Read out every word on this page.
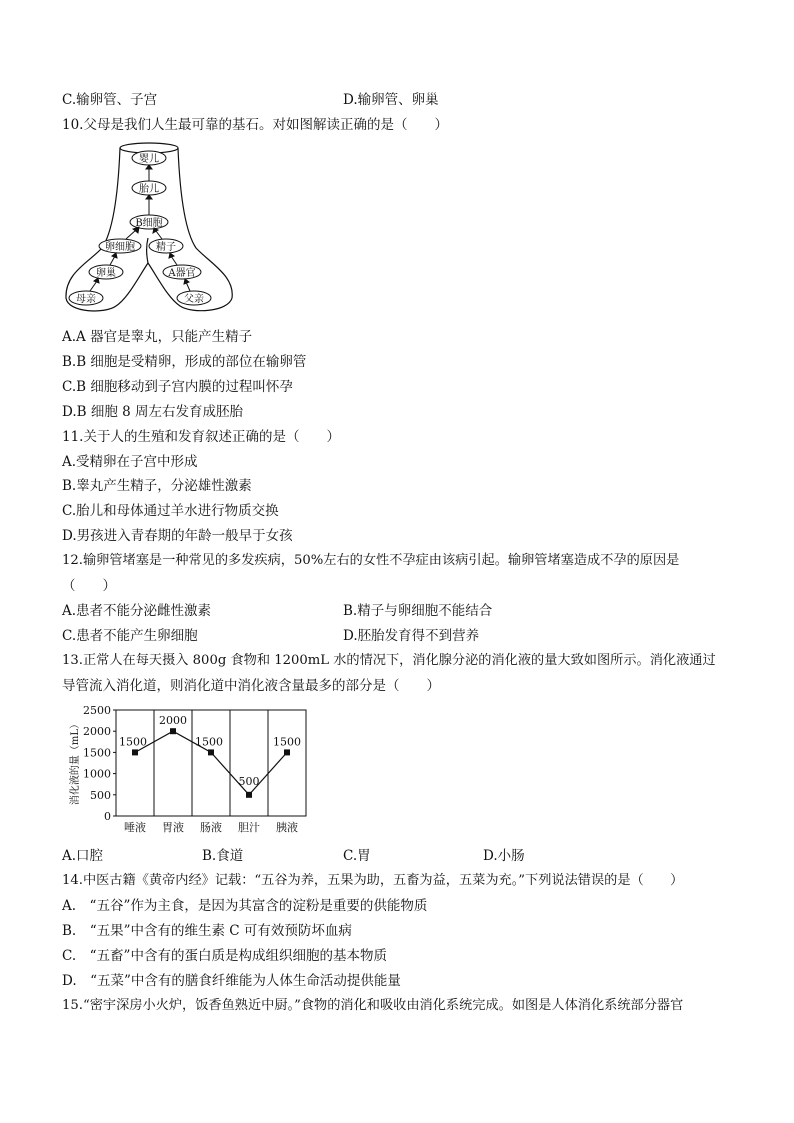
C.输卵管、子宫	D.输卵管、卵巢
10.父母是我们人生最可靠的基石。对如图解读正确的是（　　）
婴儿
胎儿
B细胞
卵细胞 精子
卵巢	A器官
母亲	父亲
A.A 器官是睾丸，只能产生精子
B.B 细胞是受精卵，形成的部位在输卵管
C.B 细胞移动到子宫内膜的过程叫怀孕
D.B 细胞 8 周左右发育成胚胎
11.关于人的生殖和发育叙述正确的是（　　）
A.受精卵在子宫中形成
B.睾丸产生精子，分泌雄性激素
C.胎儿和母体通过羊水进行物质交换
D.男孩进入青春期的年龄一般早于女孩
12.输卵管堵塞是一种常见的多发疾病，50%左右的女性不孕症由该病引起。输卵管堵塞造成不孕的原因是
（　　）
A.患者不能分泌雌性激素	B.精子与卵细胞不能结合
C.患者不能产生卵细胞	D.胚胎发育得不到营养
13.正常人在每天摄入 800g 食物和 1200mL 水的情况下，消化腺分泌的消化液的量大致如图所示。消化液通过
导管流入消化道，则消化道中消化液含量最多的部分是（　　）
0
500
1000
1500
2000
2500
1500
2000
1500
500
1500
唾液 胃液 肠液 胆汁 胰液
消化液的量（mL）
A.口腔	B.食道	C.胃	D.小肠
14.中医古籍《黄帝内经》记载：“五谷为养，五果为助，五畜为益，五菜为充。”下列说法错误的是（　　）
A.　“五谷”作为主食，是因为其富含的淀粉是重要的供能物质
B.　“五果”中含有的维生素 C 可有效预防坏血病
C.　“五畜”中含有的蛋白质是构成组织细胞的基本物质
D.　“五菜”中含有的膳食纤维能为人体生命活动提供能量
15.“密宇深房小火炉，饭香鱼熟近中厨。”食物的消化和吸收由消化系统完成。如图是人体消化系统部分器官
